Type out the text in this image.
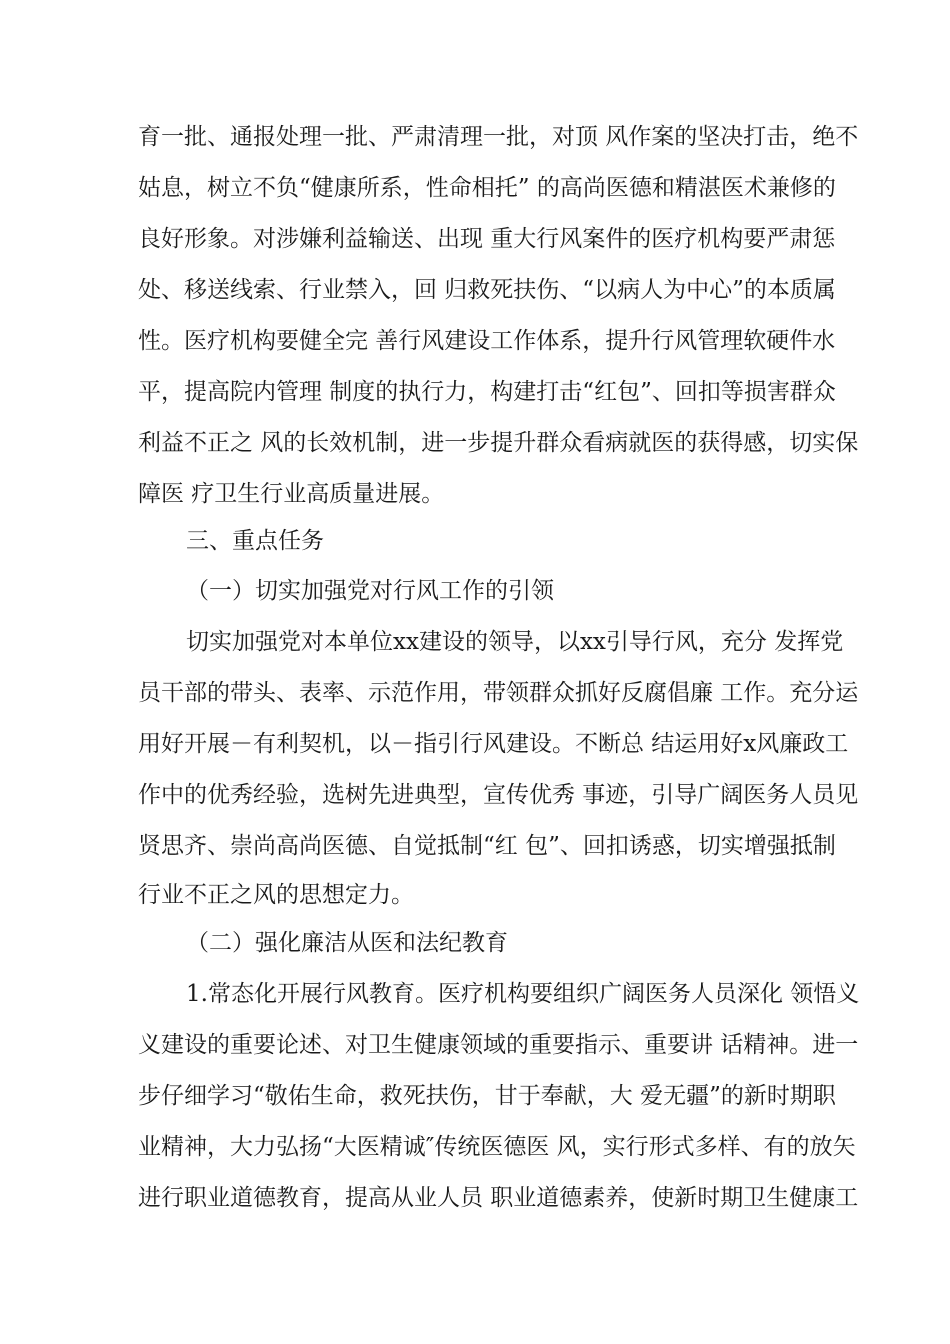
育一批、通报处理一批、严肃清理一批，对顶 风作案的坚决打击，绝不
姑息，树立不负“健康所系，性命相托” 的高尚医德和精湛医术兼修的
良好形象。对涉嫌利益输送、出现 重大行风案件的医疗机构要严肃惩
处、移送线索、行业禁入，回 归救死扶伤、“以病人为中心”的本质属
性。医疗机构要健全完 善行风建设工作体系，提升行风管理软硬件水
平，提高院内管理 制度的执行力，构建打击“红包”、回扣等损害群众
利益不正之 风的长效机制，进一步提升群众看病就医的获得感，切实保
障医 疗卫生行业高质量进展。
三、重点任务
（一）切实加强党对行风工作的引领
切实加强党对本单位xx建设的领导，以xx引导行风，充分 发挥党
员干部的带头、表率、示范作用，带领群众抓好反腐倡廉 工作。充分运
用好开展－有利契机，以－指引行风建设。不断总 结运用好x风廉政工
作中的优秀经验，选树先进典型，宣传优秀 事迹，引导广阔医务人员见
贤思齐、崇尚高尚医德、自觉抵制“红 包”、回扣诱惑，切实增强抵制
行业不正之风的思想定力。
（二）强化廉洁从医和法纪教育
1.常态化开展行风教育。医疗机构要组织广阔医务人员深化 领悟义
义建设的重要论述、对卫生健康领域的重要指示、重要讲 话精神。进一
步仔细学习“敬佑生命，救死扶伤，甘于奉献，大 爱无疆”的新时期职
业精神，大力弘扬“大医精诚″传统医德医 风，实行形式多样、有的放矢
进行职业道德教育，提高从业人员 职业道德素养，使新时期卫生健康工
